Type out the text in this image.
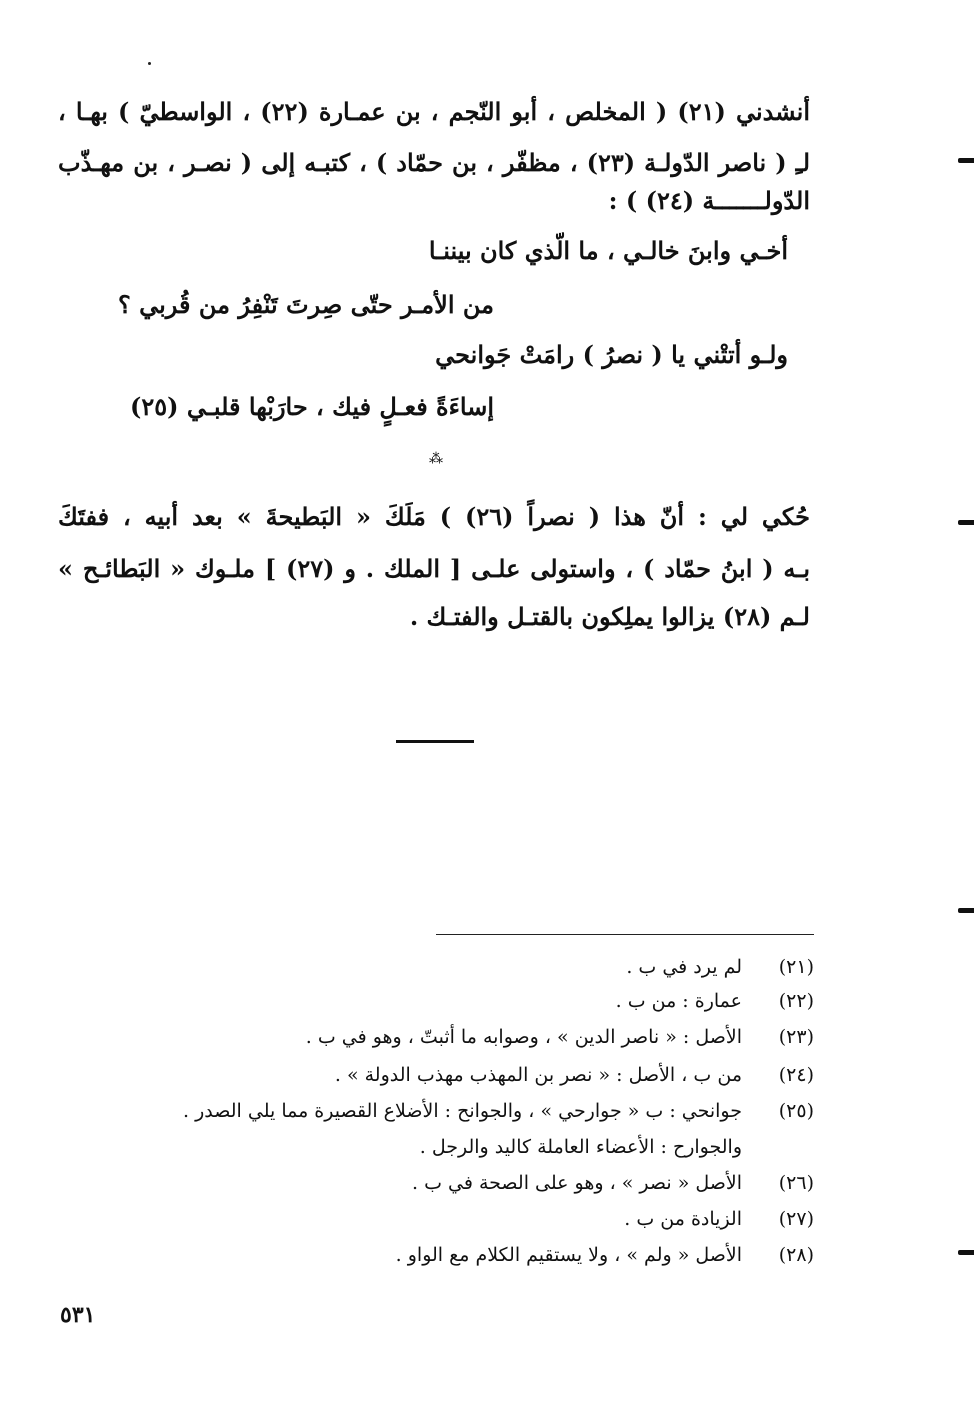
أنشدني (٢١) ( المخلص ، أبو النّجم ، بن عمـارة (٢٢) ، الواسطيّ ) بهـا ،
لـِ ( ناصر الدّولـة (٢٣) ، مظفّر ، بن حمّاد ) ، كتبـه إلى ( نصـر ، بن مهـذّب
الدّولـــــــة (٢٤) ) :
أخـي وابنَ خالـي ، ما الّذي كان بيننـا
من الأمـر حتّى صِرتَ تَنْفِرُ من قُربي ؟
ولـو أتتْني يا ( نصرُ ) رامَتْ جَوانحي
إساءَةً فعـلٍ فيك ، حارَبْها قلبـي (٢٥)
⁂
حُكي لي : أنّ هذا ( نصراً (٢٦) ) مَلَكَ « البَطيحةَ » بعد أبيه ، ففتَكَ
بـه ( ابنُ حمّاد ) ، واستولى علـى [ الملك . و (٢٧) ] ملـوك « البَطائـح »
لـم (٢٨) يزالوا يملِكون بالقتـل والفتـك .
(٢١)
لم يرد في ب .
(٢٢)
عمارة : من ب .
(٢٣)
الأصل : « ناصر الدين » ، وصوابه ما أثبتّ ، وهو في ب .
(٢٤)
من ب ، الأصل : « نصر بن المهذب مهذب الدولة » .
(٢٥)
جوانحي : ب « جوارحي » ، والجوانح : الأضلاع القصيرة مما يلي الصدر .
والجوارح : الأعضاء العاملة كاليد والرجل .
(٢٦)
الأصل « نصر » ، وهو على الصحة في ب .
(٢٧)
الزيادة من ب .
(٢٨)
الأصل « ولم » ، ولا يستقيم الكلام مع الواو .
٥٣١
